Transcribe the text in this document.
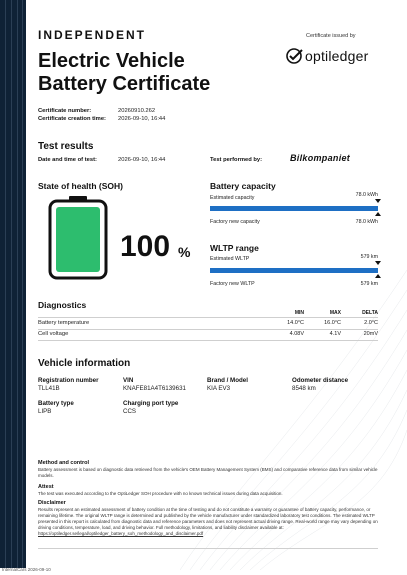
InternalCars 2026-09-10
INDEPENDENT
Electric Vehicle Battery Certificate
Certificate issued by
optiledger
Certificate number:	20260910.262
Certificate creation time:	2026-09-10, 16:44
Test results
Date and time of test:	2026-09-10, 16:44	Test performed by:	Bilkompaniet
State of health (SOH)
100 %
Battery capacity
Estimated capacity	78.0 kWh
Factory new capacity	78.0 kWh
WLTP range
Estimated WLTP	579 km
Factory new WLTP	579 km
Diagnostics
MIN	MAX	DELTA
Battery temperature	14.0°C	16.0°C	2.0°C
Cell voltage	4.08V	4.1V	20mV
Vehicle information
Registration number
TLL41B
VIN
KNAFE81A4T6139631
Brand / Model
KIA EV3
Odometer distance
8548 km
Battery type
LIPB
Charging port type
CCS
Method and control
Battery assessment is based on diagnostic data retrieved from the vehicle's OEM Battery Management System (BMS) and comparative reference data from similar vehicle models.
Attest
The test was executed according to the OptiLedger SOH procedure with no known technical issues during data acquisition.
Disclaimer
Results represent an estimated assessment of battery condition at the time of testing and do not constitute a warranty or guarantee of battery capacity, performance, or remaining lifetime. The original WLTP range is determined and published by the vehicle manufacturer under standardized laboratory test conditions. The estimated WLTP presented in this report is calculated from diagnostic data and reference parameters and does not represent actual driving range. Real-world range may vary depending on driving conditions, temperature, load, and driving behavior. Full methodology, limitations, and liability disclaimer available at: https://optiledger.se/legal/optiledger_battery_soh_methodology_and_disclaimer.pdf
